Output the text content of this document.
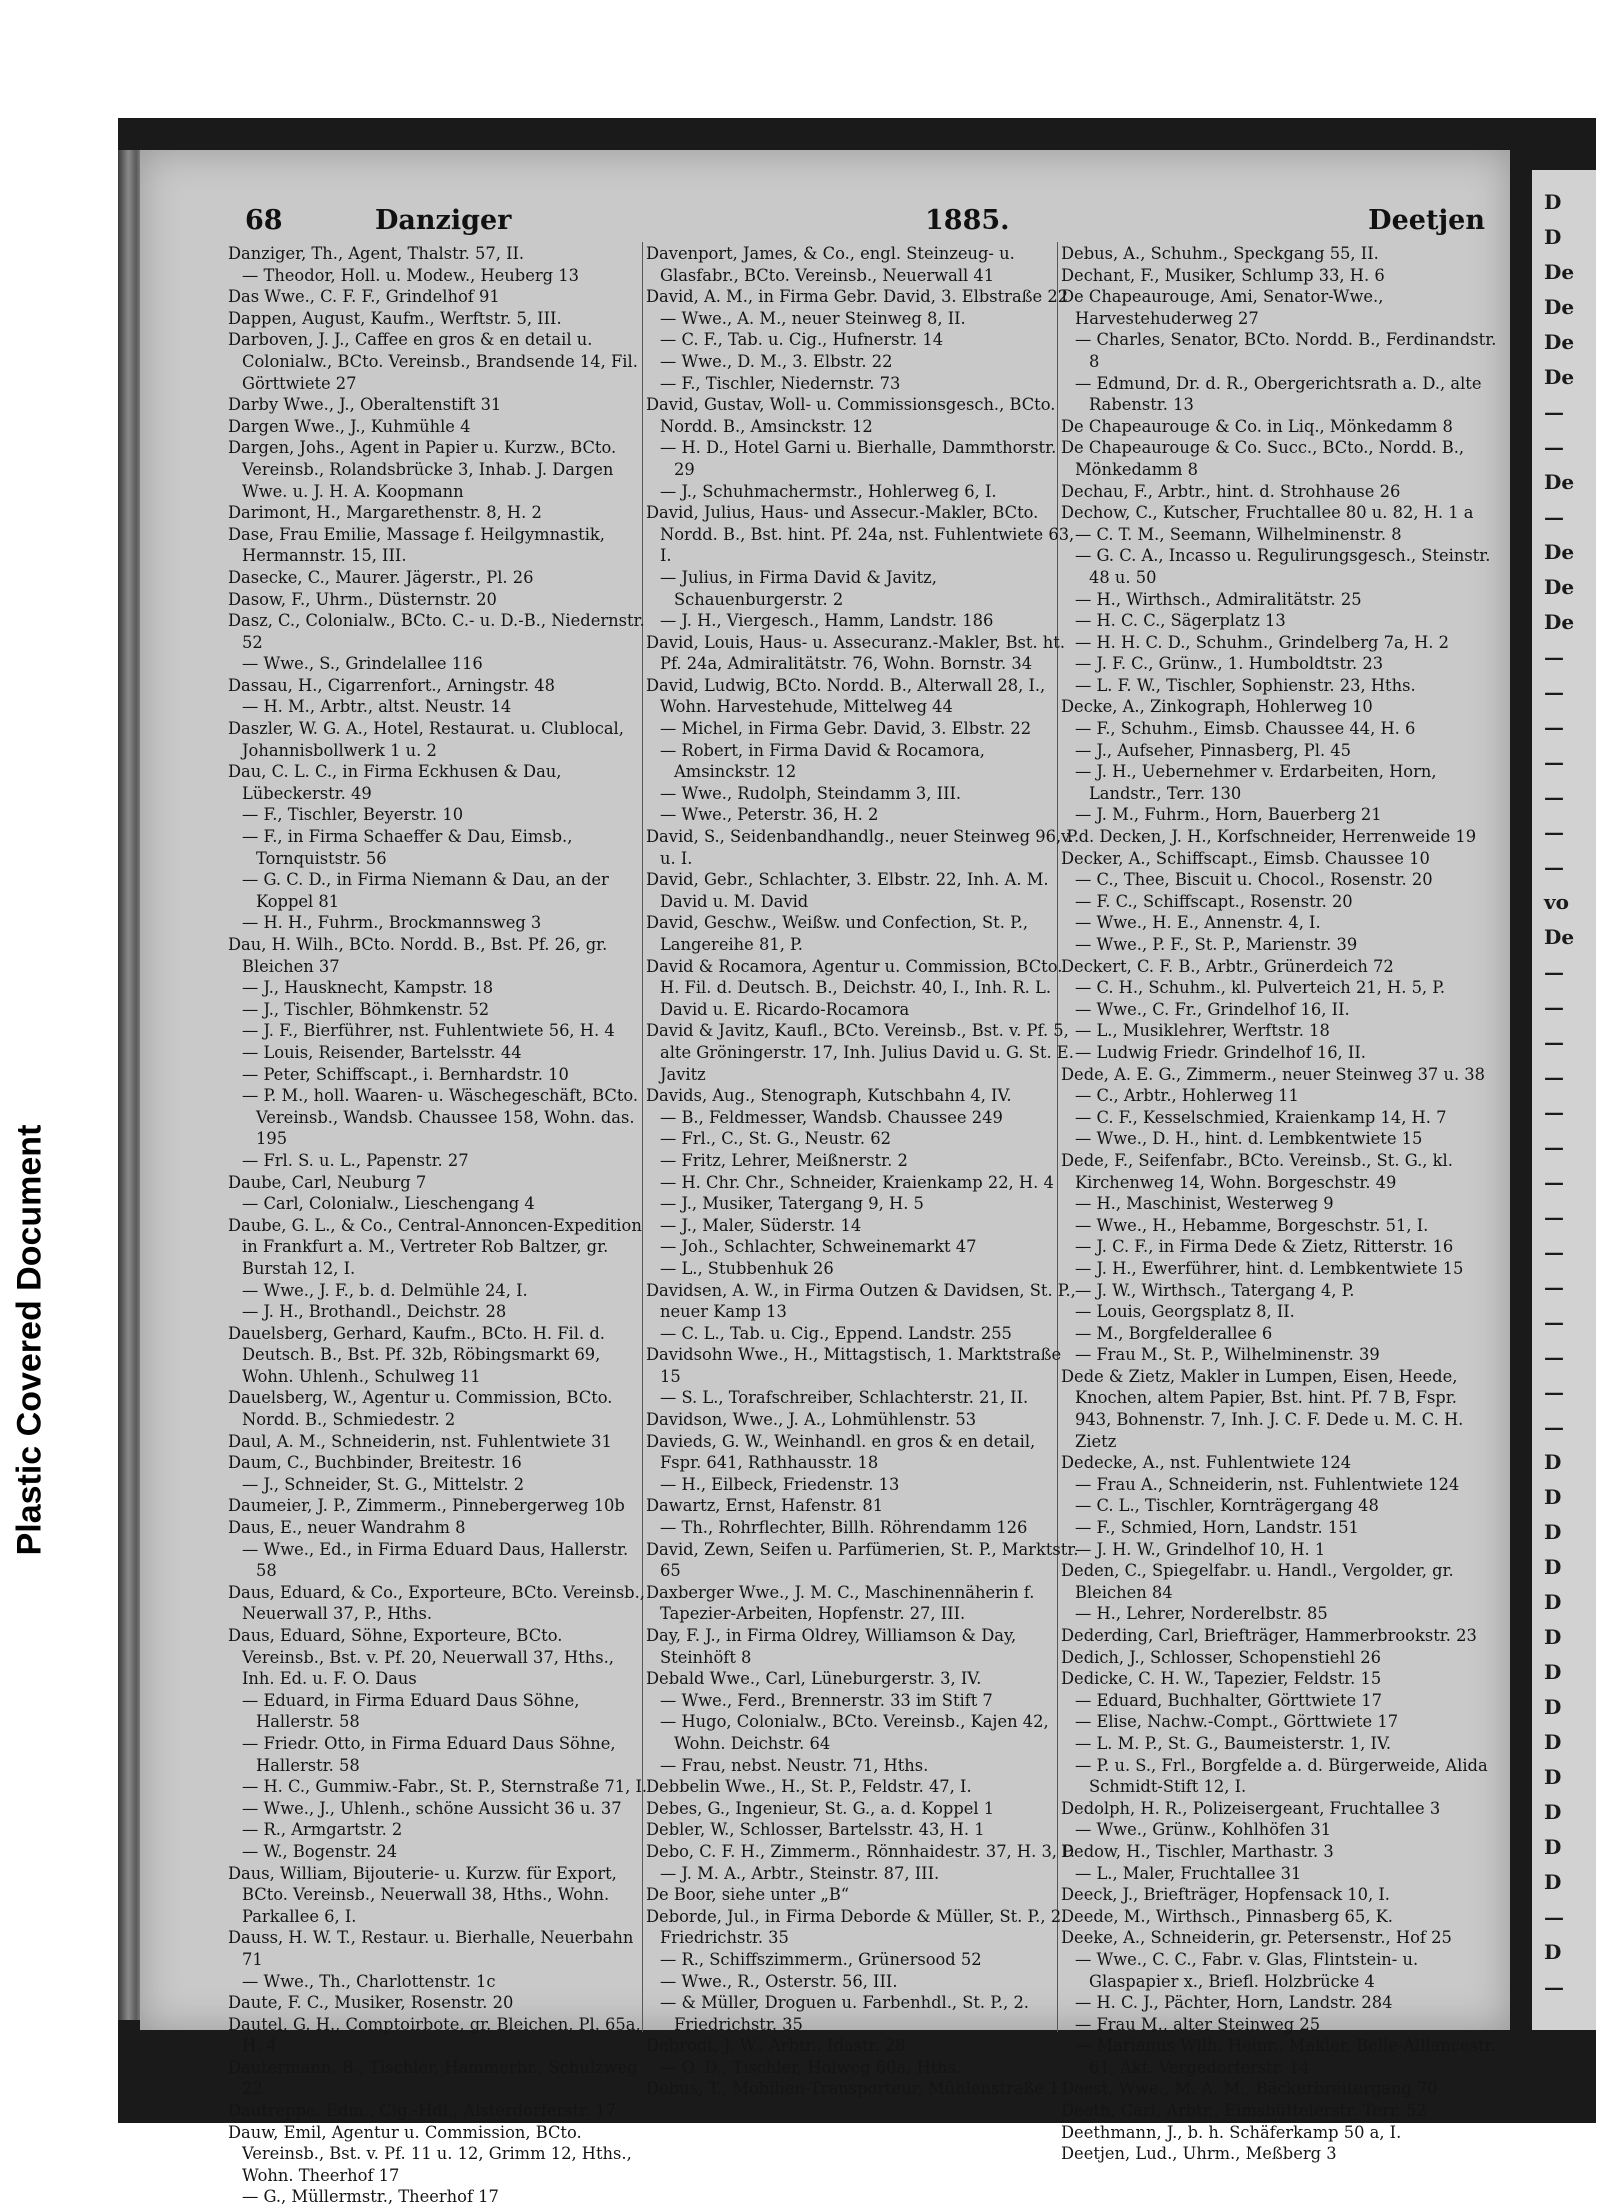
Plastic Covered Document
D
D
De
De
De
De
—
—
De
—
De
De
De
—
—
—
—
—
—
—
vo
De
—
—
—
—
—
—
—
—
—
—
—
—
—
—
D
D
D
D
D
D
D
D
D
D
D
D
D
—
D
—
68	Danziger	1885.	Deetjen

Danziger, Th., Agent, Thalstr. 57, II.

— Theodor, Holl. u. Modew., Heuberg 13

Das Wwe., C. F. F., Grindelhof 91

Dappen, August, Kaufm., Werftstr. 5, III.

Darboven, J. J., Caffee en gros & en detail u. Colonialw., BCto. Vereinsb., Brandsende 14, Fil. Görttwiete 27

Darby Wwe., J., Oberaltenstift 31

Dargen Wwe., J., Kuhmühle 4

Dargen, Johs., Agent in Papier u. Kurzw., BCto. Vereinsb., Rolandsbrücke 3, Inhab. J. Dargen Wwe. u. J. H. A. Koopmann

Darimont, H., Margarethenstr. 8, H. 2

Dase, Frau Emilie, Massage f. Heilgymnastik, Hermannstr. 15, III.

Dasecke, C., Maurer. Jägerstr., Pl. 26

Dasow, F., Uhrm., Düsternstr. 20

Dasz, C., Colonialw., BCto. C.- u. D.-B., Niedernstr. 52

— Wwe., S., Grindelallee 116

Dassau, H., Cigarrenfort., Arningstr. 48

— H. M., Arbtr., altst. Neustr. 14

Daszler, W. G. A., Hotel, Restaurat. u. Clublocal, Johannisbollwerk 1 u. 2

Dau, C. L. C., in Firma Eckhusen & Dau, Lübeckerstr. 49

— F., Tischler, Beyerstr. 10

— F., in Firma Schaeffer & Dau, Eimsb., Tornquiststr. 56

— G. C. D., in Firma Niemann & Dau, an der Koppel 81

— H. H., Fuhrm., Brockmannsweg 3

Dau, H. Wilh., BCto. Nordd. B., Bst. Pf. 26, gr. Bleichen 37

— J., Hausknecht, Kampstr. 18

— J., Tischler, Böhmkenstr. 52

— J. F., Bierführer, nst. Fuhlentwiete 56, H. 4

— Louis, Reisender, Bartelsstr. 44

— Peter, Schiffscapt., i. Bernhardstr. 10

— P. M., holl. Waaren- u. Wäschegeschäft, BCto. Vereinsb., Wandsb. Chaussee 158, Wohn. das. 195

— Frl. S. u. L., Papenstr. 27

Daube, Carl, Neuburg 7

— Carl, Colonialw., Lieschengang 4

Daube, G. L., & Co., Central-Annoncen-Expedition in Frankfurt a. M., Vertreter Rob Baltzer, gr. Burstah 12, I.

— Wwe., J. F., b. d. Delmühle 24, I.

— J. H., Brothandl., Deichstr. 28

Dauelsberg, Gerhard, Kaufm., BCto. H. Fil. d. Deutsch. B., Bst. Pf. 32b, Röbingsmarkt 69, Wohn. Uhlenh., Schulweg 11

Dauelsberg, W., Agentur u. Commission, BCto. Nordd. B., Schmiedestr. 2

Daul, A. M., Schneiderin, nst. Fuhlentwiete 31

Daum, C., Buchbinder, Breitestr. 16

— J., Schneider, St. G., Mittelstr. 2

Daumeier, J. P., Zimmerm., Pinnebergerweg 10b

Daus, E., neuer Wandrahm 8

— Wwe., Ed., in Firma Eduard Daus, Hallerstr. 58

Daus, Eduard, & Co., Exporteure, BCto. Vereinsb., Neuerwall 37, P., Hths.

Daus, Eduard, Söhne, Exporteure, BCto. Vereinsb., Bst. v. Pf. 20, Neuerwall 37, Hths., Inh. Ed. u. F. O. Daus

— Eduard, in Firma Eduard Daus Söhne, Hallerstr. 58

— Friedr. Otto, in Firma Eduard Daus Söhne, Hallerstr. 58

— H. C., Gummiw.-Fabr., St. P., Sternstraße 71, I.

— Wwe., J., Uhlenh., schöne Aussicht 36 u. 37

— R., Armgartstr. 2

— W., Bogenstr. 24

Daus, William, Bijouterie- u. Kurzw. für Export, BCto. Vereinsb., Neuerwall 38, Hths., Wohn. Parkallee 6, I.

Dauss, H. W. T., Restaur. u. Bierhalle, Neuerbahn 71

— Wwe., Th., Charlottenstr. 1c

Daute, F. C., Musiker, Rosenstr. 20

Dautel, G. H., Comptoirbote, gr. Bleichen, Pl. 65a, H. 4

Dautermann, B., Tischler, Hammerbr., Schulzweg 22

Dautreppe, Edm., Cig.-Hdl., Alsterdorferstr. 17

Dauw, Emil, Agentur u. Commission, BCto. Vereinsb., Bst. v. Pf. 11 u. 12, Grimm 12, Hths., Wohn. Theerhof 17

— G., Müllermstr., Theerhof 17

Davenport, James, & Co., engl. Steinzeug- u. Glasfabr., BCto. Vereinsb., Neuerwall 41

David, A. M., in Firma Gebr. David, 3. Elbstraße 22

— Wwe., A. M., neuer Steinweg 8, II.

— C. F., Tab. u. Cig., Hufnerstr. 14

— Wwe., D. M., 3. Elbstr. 22

— F., Tischler, Niedernstr. 73

David, Gustav, Woll- u. Commissionsgesch., BCto. Nordd. B., Amsinckstr. 12

— H. D., Hotel Garni u. Bierhalle, Dammthorstr. 29

— J., Schuhmachermstr., Hohlerweg 6, I.

David, Julius, Haus- und Assecur.-Makler, BCto. Nordd. B., Bst. hint. Pf. 24a, nst. Fuhlentwiete 63, I.

— Julius, in Firma David & Javitz, Schauenburgerstr. 2

— J. H., Viergesch., Hamm, Landstr. 186

David, Louis, Haus- u. Assecuranz.-Makler, Bst. ht. Pf. 24a, Admiralitätstr. 76, Wohn. Bornstr. 34

David, Ludwig, BCto. Nordd. B., Alterwall 28, I., Wohn. Harvestehude, Mittelweg 44

— Michel, in Firma Gebr. David, 3. Elbstr. 22

— Robert, in Firma David & Rocamora, Amsinckstr. 12

— Wwe., Rudolph, Steindamm 3, III.

— Wwe., Peterstr. 36, H. 2

David, S., Seidenbandhandlg., neuer Steinweg 96, P. u. I.

David, Gebr., Schlachter, 3. Elbstr. 22, Inh. A. M. David u. M. David

David, Geschw., Weißw. und Confection, St. P., Langereihe 81, P.

David & Rocamora, Agentur u. Commission, BCto. H. Fil. d. Deutsch. B., Deichstr. 40, I., Inh. R. L. David u. E. Ricardo-Rocamora

David & Javitz, Kaufl., BCto. Vereinsb., Bst. v. Pf. 5, alte Gröningerstr. 17, Inh. Julius David u. G. St. E. Javitz

Davids, Aug., Stenograph, Kutschbahn 4, IV.

— B., Feldmesser, Wandsb. Chaussee 249

— Frl., C., St. G., Neustr. 62

— Fritz, Lehrer, Meißnerstr. 2

— H. Chr. Chr., Schneider, Kraienkamp 22, H. 4

— J., Musiker, Tatergang 9, H. 5

— J., Maler, Süderstr. 14

— Joh., Schlachter, Schweinemarkt 47

— L., Stubbenhuk 26

Davidsen, A. W., in Firma Outzen & Davidsen, St. P., neuer Kamp 13

— C. L., Tab. u. Cig., Eppend. Landstr. 255

Davidsohn Wwe., H., Mittagstisch, 1. Marktstraße 15

— S. L., Torafschreiber, Schlachterstr. 21, II.

Davidson, Wwe., J. A., Lohmühlenstr. 53

Davieds, G. W., Weinhandl. en gros & en detail, Fspr. 641, Rathhausstr. 18

— H., Eilbeck, Friedenstr. 13

Dawartz, Ernst, Hafenstr. 81

— Th., Rohrflechter, Billh. Röhrendamm 126

David, Zewn, Seifen u. Parfümerien, St. P., Marktstr. 65

Daxberger Wwe., J. M. C., Maschinennäherin f. Tapezier-Arbeiten, Hopfenstr. 27, III.

Day, F. J., in Firma Oldrey, Williamson & Day, Steinhöft 8

Debald Wwe., Carl, Lüneburgerstr. 3, IV.

— Wwe., Ferd., Brennerstr. 33 im Stift 7

— Hugo, Colonialw., BCto. Vereinsb., Kajen 42, Wohn. Deichstr. 64

— Frau, nebst. Neustr. 71, Hths.

Debbelin Wwe., H., St. P., Feldstr. 47, I.

Debes, G., Ingenieur, St. G., a. d. Koppel 1

Debler, W., Schlosser, Bartelsstr. 43, H. 1

Debo, C. F. H., Zimmerm., Rönnhaidestr. 37, H. 3, P.

— J. M. A., Arbtr., Steinstr. 87, III.

De Boor, siehe unter „B“

Deborde, Jul., in Firma Deborde & Müller, St. P., 2. Friedrichstr. 35

— R., Schiffszimmerm., Grünersood 52

— Wwe., R., Osterstr. 56, III.

— & Müller, Droguen u. Farbenhdl., St. P., 2. Friedrichstr. 35

Debrodt, J. W., Arbtr., Idastr. 28

— O. D., Tischler, Holweg 60a, Hths.

Debus, T., Mobilien-Transporteur, Mühlenstraße 11

Debus, A., Schuhm., Speckgang 55, II.

Dechant, F., Musiker, Schlump 33, H. 6

De Chapeaurouge, Ami, Senator-Wwe., Harvestehuderweg 27

— Charles, Senator, BCto. Nordd. B., Ferdinandstr. 8

— Edmund, Dr. d. R., Obergerichtsrath a. D., alte Rabenstr. 13

De Chapeaurouge & Co. in Liq., Mönkedamm 8

De Chapeaurouge & Co. Succ., BCto., Nordd. B., Mönkedamm 8

Dechau, F., Arbtr., hint. d. Strohhause 26

Dechow, C., Kutscher, Fruchtallee 80 u. 82, H. 1 a

— C. T. M., Seemann, Wilhelminenstr. 8

— G. C. A., Incasso u. Regulirungsgesch., Steinstr. 48 u. 50

— H., Wirthsch., Admiralitätstr. 25

— H. C. C., Sägerplatz 13

— H. H. C. D., Schuhm., Grindelberg 7a, H. 2

— J. F. C., Grünw., 1. Humboldtstr. 23

— L. F. W., Tischler, Sophienstr. 23, Hths.

Decke, A., Zinkograph, Hohlerweg 10

— F., Schuhm., Eimsb. Chaussee 44, H. 6

— J., Aufseher, Pinnasberg, Pl. 45

— J. H., Uebernehmer v. Erdarbeiten, Horn, Landstr., Terr. 130

— J. M., Fuhrm., Horn, Bauerberg 21

v. d. Decken, J. H., Korfschneider, Herrenweide 19

Decker, A., Schiffscapt., Eimsb. Chaussee 10

— C., Thee, Biscuit u. Chocol., Rosenstr. 20

— F. C., Schiffscapt., Rosenstr. 20

— Wwe., H. E., Annenstr. 4, I.

— Wwe., P. F., St. P., Marienstr. 39

Deckert, C. F. B., Arbtr., Grünerdeich 72

— C. H., Schuhm., kl. Pulverteich 21, H. 5, P.

— Wwe., C. Fr., Grindelhof 16, II.

— L., Musiklehrer, Werftstr. 18

— Ludwig Friedr. Grindelhof 16, II.

Dede, A. E. G., Zimmerm., neuer Steinweg 37 u. 38

— C., Arbtr., Hohlerweg 11

— C. F., Kesselschmied, Kraienkamp 14, H. 7

— Wwe., D. H., hint. d. Lembkentwiete 15

Dede, F., Seifenfabr., BCto. Vereinsb., St. G., kl. Kirchenweg 14, Wohn. Borgeschstr. 49

— H., Maschinist, Westerweg 9

— Wwe., H., Hebamme, Borgeschstr. 51, I.

— J. C. F., in Firma Dede & Zietz, Ritterstr. 16

— J. H., Ewerführer, hint. d. Lembkentwiete 15

— J. W., Wirthsch., Tatergang 4, P.

— Louis, Georgsplatz 8, II.

— M., Borgfelderallee 6

— Frau M., St. P., Wilhelminenstr. 39

Dede & Zietz, Makler in Lumpen, Eisen, Heede, Knochen, altem Papier, Bst. hint. Pf. 7 B, Fspr. 943, Bohnenstr. 7, Inh. J. C. F. Dede u. M. C. H. Zietz

Dedecke, A., nst. Fuhlentwiete 124

— Frau A., Schneiderin, nst. Fuhlentwiete 124

— C. L., Tischler, Kornträgergang 48

— F., Schmied, Horn, Landstr. 151

— J. H. W., Grindelhof 10, H. 1

Deden, C., Spiegelfabr. u. Handl., Vergolder, gr. Bleichen 84

— H., Lehrer, Norderelbstr. 85

Dederding, Carl, Briefträger, Hammerbrookstr. 23

Dedich, J., Schlosser, Schopenstiehl 26

Dedicke, C. H. W., Tapezier, Feldstr. 15

— Eduard, Buchhalter, Görttwiete 17

— Elise, Nachw.-Compt., Görttwiete 17

— L. M. P., St. G., Baumeisterstr. 1, IV.

— P. u. S., Frl., Borgfelde a. d. Bürgerweide, Alida Schmidt-Stift 12, I.

Dedolph, H. R., Polizeisergeant, Fruchtallee 3

— Wwe., Grünw., Kohlhöfen 31

Dedow, H., Tischler, Marthastr. 3

— L., Maler, Fruchtallee 31

Deeck, J., Briefträger, Hopfensack 10, I.

Deede, M., Wirthsch., Pinnasberg 65, K.

Deeke, A., Schneiderin, gr. Petersenstr., Hof 25

— Wwe., C. C., Fabr. v. Glas, Flintstein- u. Glaspapier x., Briefl. Holzbrücke 4

— H. C. J., Pächter, Horn, Landstr. 284

— Frau M., alter Steinweg 25

— Marianus Wilh. Heinr., Makler, Belle-Alliancestr. 61, Akt. Vergedorferstr. 14

Deest, Wwe., M. A. M., Bäckerbreitergang 70

Deeth, Carl, Arbtr., Eimsbüttelerstr. Terr. 52

Deethmann, J., b. h. Schäferkamp 50 a, I.

Deetjen, Lud., Uhrm., Meßberg 3
